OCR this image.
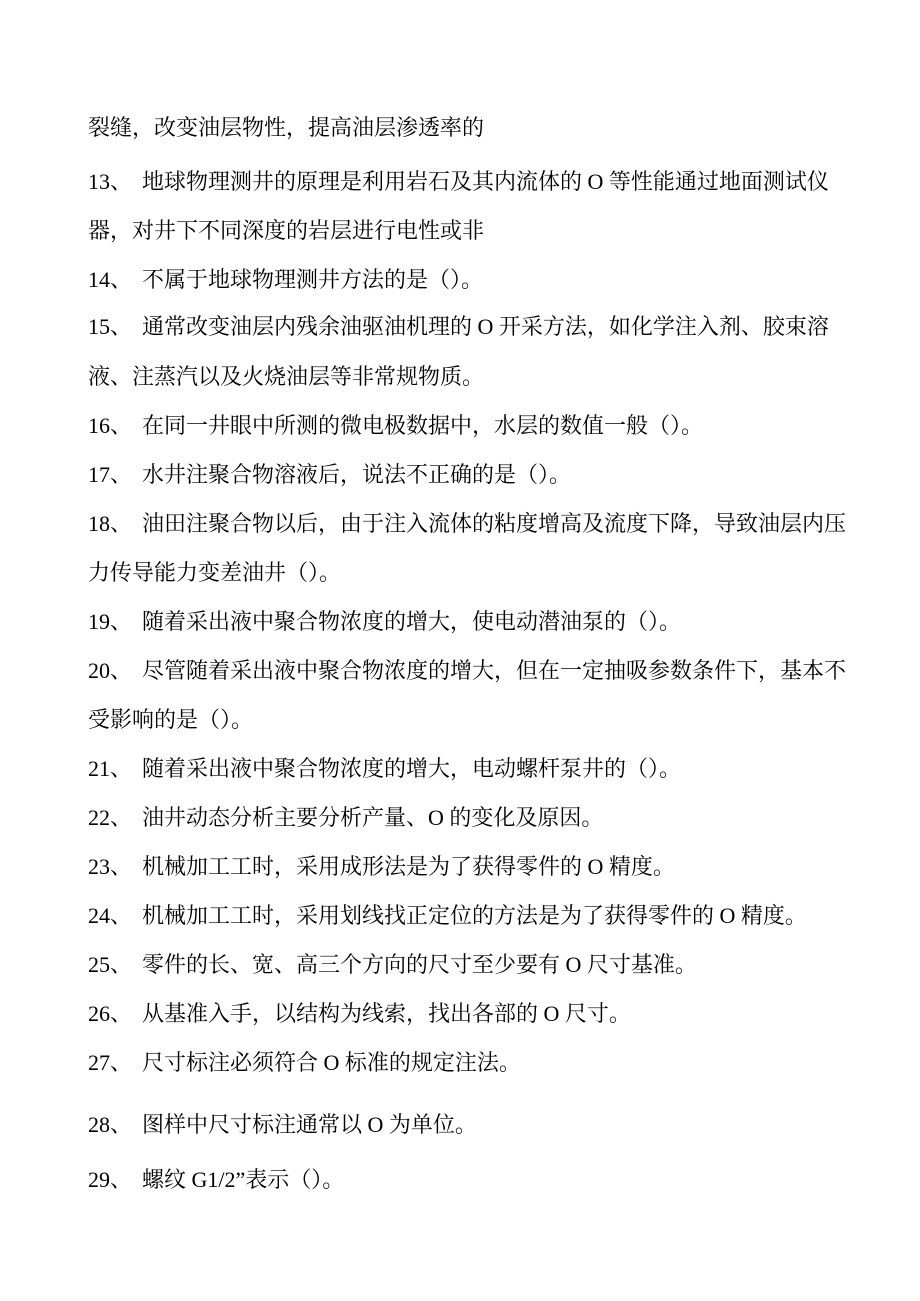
裂缝，改变油层物性，提高油层渗透率的
13、 地球物理测井的原理是利用岩石及其内流体的 O 等性能通过地面测试仪
器，对井下不同深度的岩层进行电性或非
14、 不属于地球物理测井方法的是（）。
15、 通常改变油层内残余油驱油机理的 O 开采方法，如化学注入剂、胶束溶
液、注蒸汽以及火烧油层等非常规物质。
16、 在同一井眼中所测的微电极数据中，水层的数值一般（）。
17、 水井注聚合物溶液后，说法不正确的是（）。
18、 油田注聚合物以后，由于注入流体的粘度增高及流度下降，导致油层内压
力传导能力变差油井（）。
19、 随着采出液中聚合物浓度的增大，使电动潜油泵的（）。
20、 尽管随着采出液中聚合物浓度的增大，但在一定抽吸参数条件下，基本不
受影响的是（）。
21、 随着采出液中聚合物浓度的增大，电动螺杆泵井的（）。
22、 油井动态分析主要分析产量、O 的变化及原因。
23、 机械加工工时，采用成形法是为了获得零件的 O 精度。
24、 机械加工工时，采用划线找正定位的方法是为了获得零件的 O 精度。
25、 零件的长、宽、高三个方向的尺寸至少要有 O 尺寸基准。
26、 从基准入手，以结构为线索，找出各部的 O 尺寸。
27、 尺寸标注必须符合 O 标准的规定注法。
28、 图样中尺寸标注通常以 O 为单位。
29、 螺纹 G1/2”表示（）。
